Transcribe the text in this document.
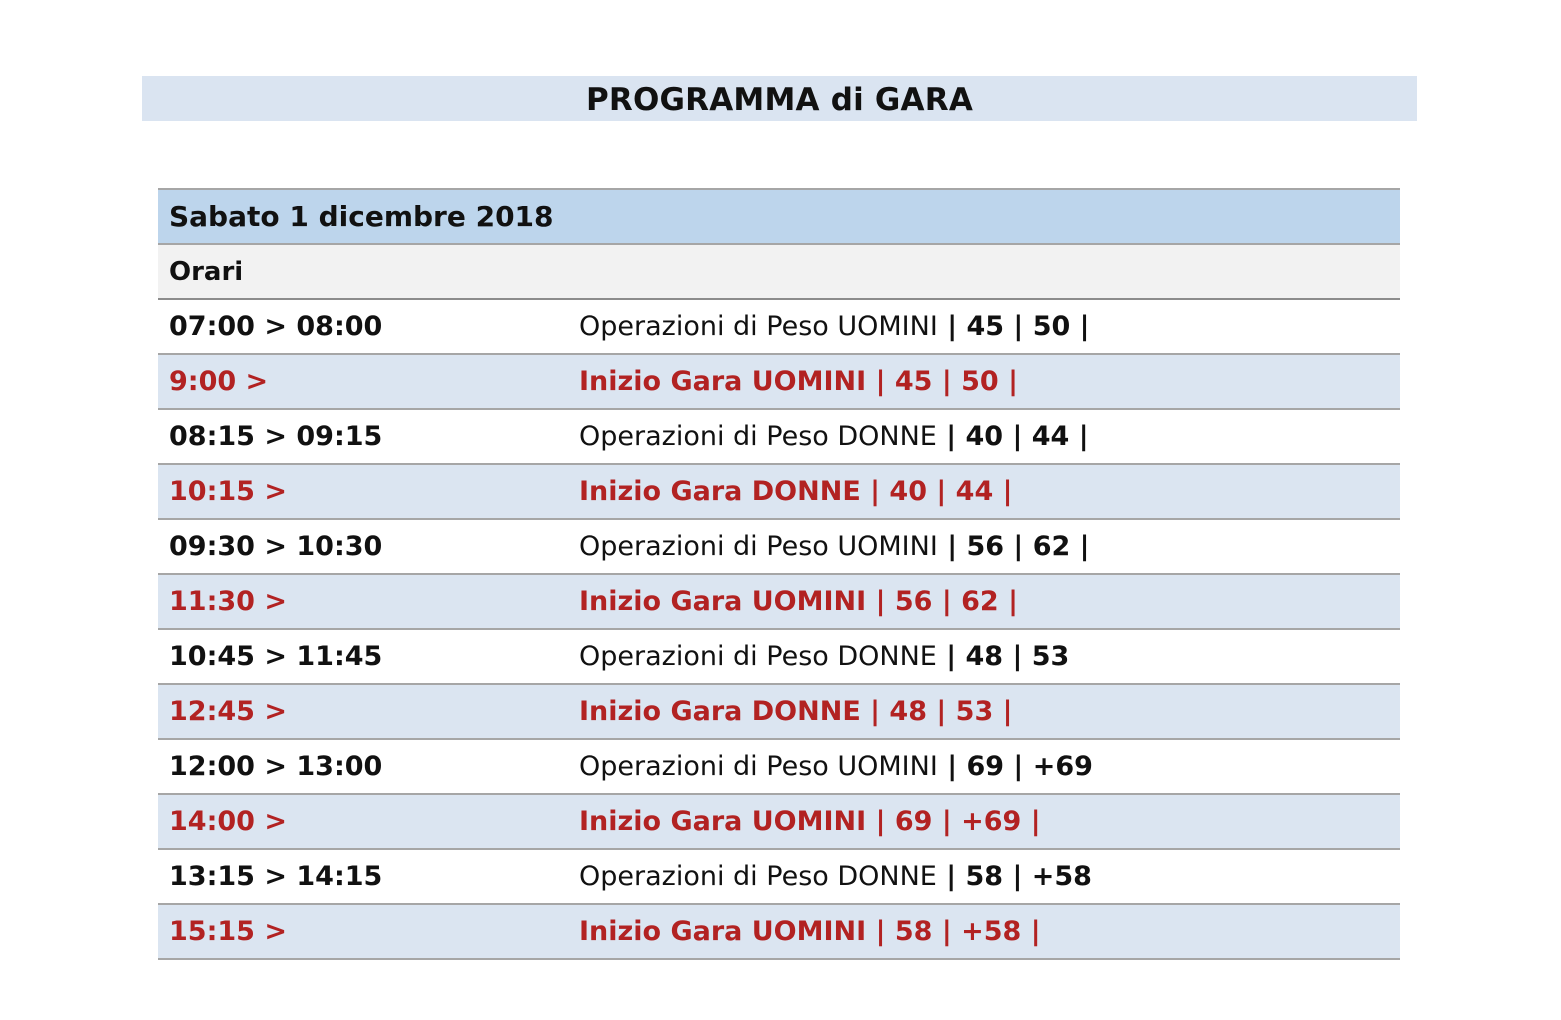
PROGRAMMA di GARA
Sabato 1 dicembre 2018
Orari
07:00 > 08:00	Operazioni di Peso UOMINI | 45 | 50 |
9:00 >	Inizio Gara UOMINI | 45 | 50 |
08:15 > 09:15	Operazioni di Peso DONNE | 40 | 44 |
10:15 >	Inizio Gara DONNE | 40 | 44 |
09:30 > 10:30	Operazioni di Peso UOMINI | 56 | 62 |
11:30 >	Inizio Gara UOMINI | 56 | 62 |
10:45 > 11:45	Operazioni di Peso DONNE | 48 | 53
12:45 >	Inizio Gara DONNE | 48 | 53 |
12:00 > 13:00	Operazioni di Peso UOMINI | 69 | +69
14:00 >	Inizio Gara UOMINI | 69 | +69 |
13:15 > 14:15	Operazioni di Peso DONNE | 58 | +58
15:15 >	Inizio Gara UOMINI | 58 | +58 |
